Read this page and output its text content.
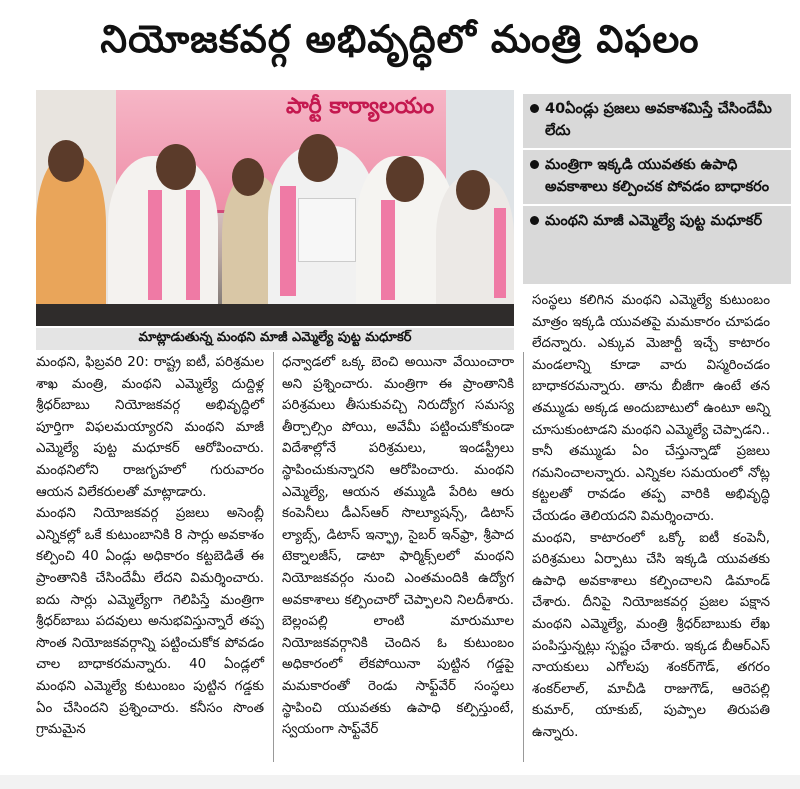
నియోజకవర్గ అభివృద్ధిలో మంత్రి విఫలం
పార్టీ కార్యాలయం	40ఏండ్లు ప్రజలు అవకాశమిస్తే చేసిందేమీ లేదు
మంత్రిగా ఇక్కడి యువతకు ఉపాధి అవకాశాలు కల్పించక పోవడం బాధాకరం
మంథని మాజీ ఎమ్మెల్యే పుట్ట మధూకర్
మాట్లాడుతున్న మంథని మాజీ ఎమ్మెల్యే పుట్ట మధూకర్

మంథని, ఫిబ్రవరి 20: రాష్ట్ర ఐటీ, పరిశ్రమల శాఖ మంత్రి, మంథని ఎమ్మెల్యే దుద్దిళ్ల శ్రీధర్‌బాబు నియోజకవర్గ అభివృద్ధిలో పూర్తిగా విఫలమయ్యారని మంథని మాజీ ఎమ్మెల్యే పుట్ట మధూకర్ ఆరోపించారు. మంథనిలోని రాజగృహలో గురువారం ఆయన విలేకరులతో మాట్లాడారు.

మంథని నియోజకవర్గ ప్రజలు అసెంబ్లీ ఎన్నికల్లో ఒకే కుటుంబానికి 8 సార్లు అవకాశం కల్పించి 40 ఏండ్లు అధికారం కట్టబెడితే ఈ ప్రాంతానికి చేసిందేమీ లేదని విమర్శించారు. ఐదు సార్లు ఎమ్మెల్యేగా గెలిపిస్తే మంత్రిగా శ్రీధర్‌బాబు పదవులు అనుభవిస్తున్నారే తప్ప సొంత నియోజకవర్గాన్ని పట్టించుకోక పోవడం చాల బాధాకరమన్నారు. 40 ఏండ్లలో మంథని ఎమ్మెల్యే కుటుంబం పుట్టిన గడ్డకు ఏం చేసిందని ప్రశ్నించారు. కనీసం సొంత గ్రామమైన

ధన్వాడలో ఒక్క బెంచి అయినా వేయించారా అని ప్రశ్నించారు. మంత్రిగా ఈ ప్రాంతానికి పరిశ్రమలు తీసుకువచ్చి నిరుద్యోగ సమస్య తీర్చాల్సిం పోయి, అవేమీ పట్టించుకోకుండా విదేశాల్లోనే పరిశ్రమలు, ఇండస్ట్రీలు స్థాపించుకున్నారని ఆరోపించారు. మంథని ఎమ్మెల్యే, ఆయన తమ్ముడి పేరిట ఆరు కంపెనీలు డీఎస్ఆర్ సొల్యూషన్స్, డిటాస్ ల్యాబ్స్, డిటాస్ ఇన్ఫ్రా, సైబర్ ఇన్‌ఫ్రా, శ్రీపాద టెక్నాలజీస్, డాటా ఫార్మిక్స్‌లలో మంథని నియోజకవర్గం నుంచి ఎంతమందికి ఉద్యోగ అవకాశాలు కల్పించారో చెప్పాలని నిలదీశారు. బెల్లంపల్లి లాంటి మారుమూల నియోజకవర్గానికి చెందిన ఓ కుటుంబం అధికారంలో లేకపోయినా పుట్టిన గడ్డపై మమకారంతో రెండు సాఫ్ట్‌వేర్ సంస్థలు స్థాపించి యువతకు ఉపాధి కల్పిస్తుంటే, స్వయంగా సాఫ్ట్‌వేర్

సంస్థలు కలిగిన మంథని ఎమ్మెల్యే కుటుంబం మాత్రం ఇక్కడి యువతపై మమకారం చూపడం లేదన్నారు. ఎక్కువ మెజార్టీ ఇచ్చే కాటారం మండలాన్ని కూడా వారు విస్మరించడం బాధాకరమన్నారు. తాను బీజీగా ఉంటే తన తమ్ముడు అక్కడ అందుబాటులో ఉంటూ అన్ని చూసుకుంటాడని మంథని ఎమ్మెల్యే చెప్పాడని.. కానీ తమ్ముడు ఏం చేస్తున్నాడో ప్రజలు గమనించాలన్నారు. ఎన్నికల సమయంలో నోట్ల కట్టలతో రావడం తప్ప వారికి అభివృద్ధి చేయడం తెలియదని విమర్శించారు.

మంథని, కాటారంలో ఒక్కో ఐటీ కంపెనీ, పరిశ్రమలు ఏర్పాటు చేసి ఇక్కడి యువతకు ఉపాధి అవకాశాలు కల్పించాలని డిమాండ్ చేశారు. దీనిపై నియోజకవర్గ ప్రజల పక్షాన మంథని ఎమ్మెల్యే, మంత్రి శ్రీధర్‌బాబుకు లేఖ పంపిస్తున్నట్లు స్పష్టం చేశారు. ఇక్కడ బీఆర్ఎస్ నాయకులు ఎగోలపు శంకర్‌గౌడ్, తగరం శంకర్‌లాల్, మాచీడి రాజుగౌడ్, ఆరెపల్లి కుమార్, యాకుబ్, పుప్పాల తిరుపతి ఉన్నారు.
